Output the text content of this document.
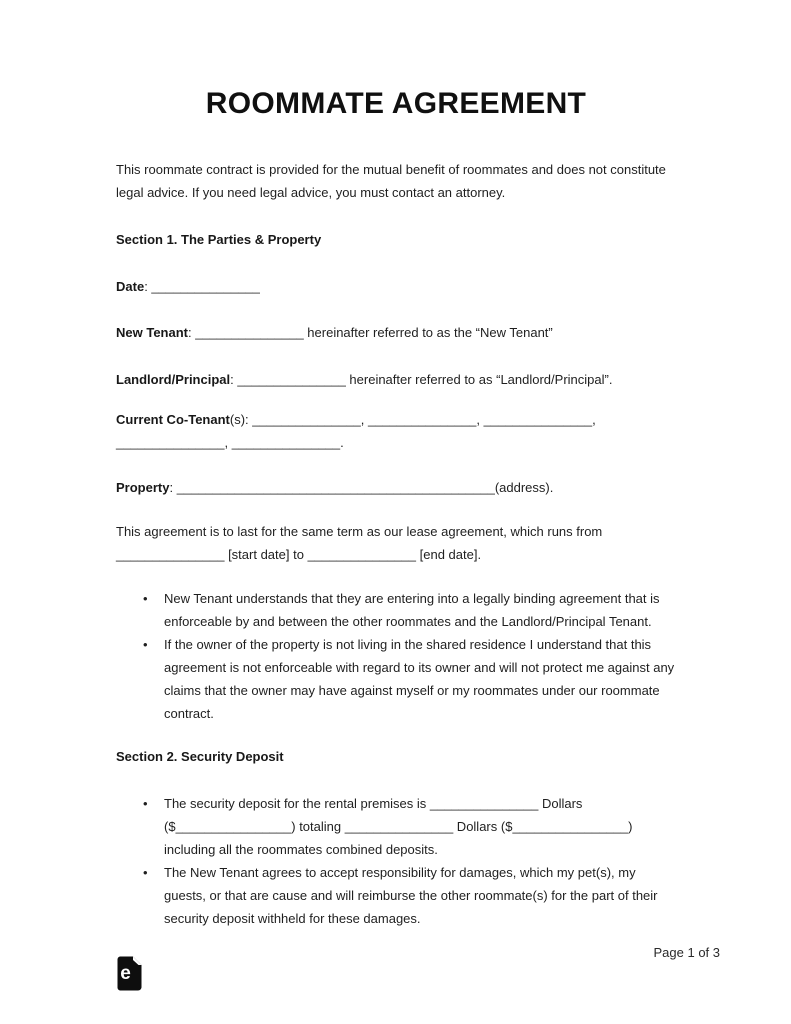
ROOMMATE AGREEMENT

This roommate contract is provided for the mutual benefit of roommates and does not constitute legal advice. If you need legal advice, you must contact an attorney.

Section 1. The Parties & Property

Date: _______________

New Tenant: _______________ hereinafter referred to as the “New Tenant”

Landlord/Principal: _______________ hereinafter referred to as “Landlord/Principal”.

Current Co-Tenant(s): _______________, _______________, _______________, _______________, _______________.

Property: ____________________________________________(address).

This agreement is to last for the same term as our lease agreement, which runs from _______________ [start date] to _______________ [end date].

•	New Tenant understands that they are entering into a legally binding agreement that is enforceable by and between the other roommates and the Landlord/Principal Tenant.
•	If the owner of the property is not living in the shared residence I understand that this agreement is not enforceable with regard to its owner and will not protect me against any claims that the owner may have against myself or my roommates under our roommate contract.
Section 2. Security Deposit
•	The security deposit for the rental premises is _______________ Dollars ($________________) totaling _______________ Dollars ($________________) including all the roommates combined deposits.
•	The New Tenant agrees to accept responsibility for damages, which my pet(s), my guests, or that are cause and will reimburse the other roommate(s) for the part of their security deposit withheld for these damages.
Page 1 of 3
e
